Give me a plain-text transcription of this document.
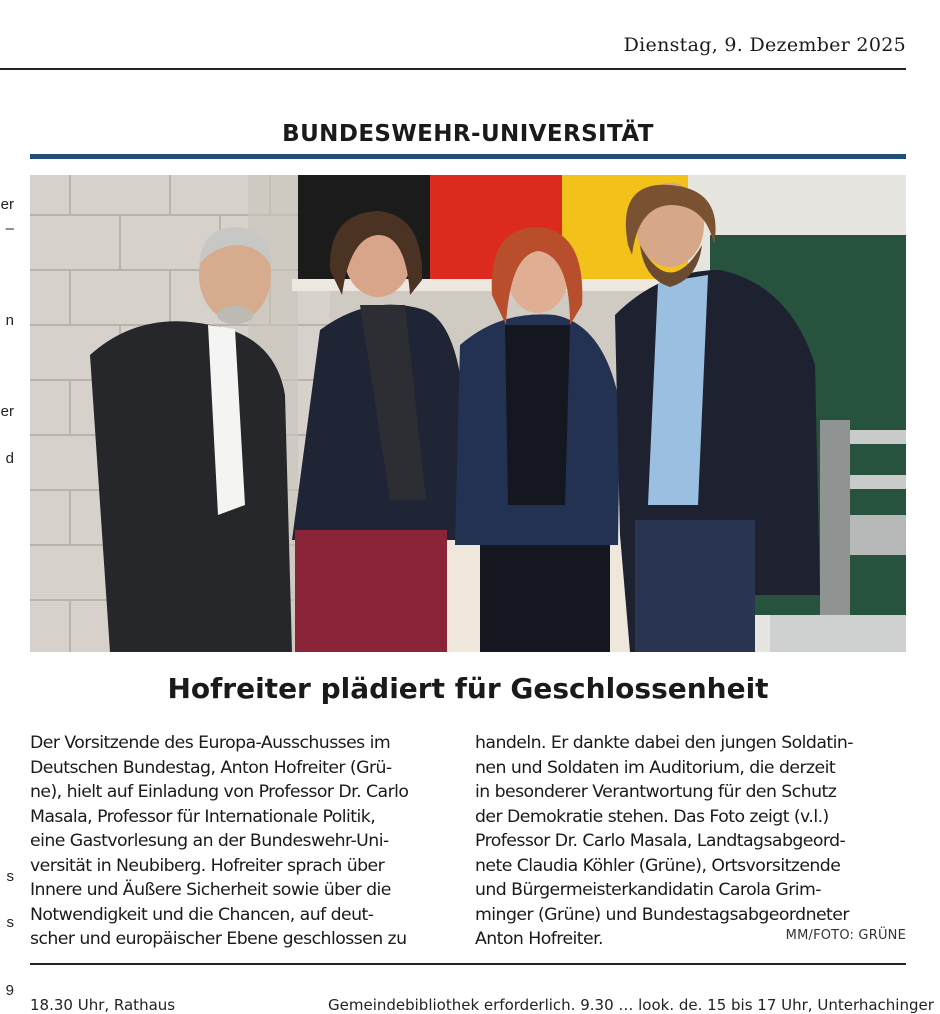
Dienstag, 9. Dezember 2025
BUNDESWEHR-UNIVERSITÄT
er
–
n
er
d
s
s
9
Hofreiter plädiert für Geschlossenheit
Der Vorsitzende des Europa-Ausschusses im
Deutschen Bundestag, Anton Hofreiter (Grü-
ne), hielt auf Einladung von Professor Dr. Carlo
Masala, Professor für Internationale Politik,
eine Gastvorlesung an der Bundeswehr-Uni-
versität in Neubiberg. Hofreiter sprach über
Innere und Äußere Sicherheit sowie über die
Notwendigkeit und die Chancen, auf deut-
scher und europäischer Ebene geschlossen zu
handeln. Er dankte dabei den jungen Soldatin-
nen und Soldaten im Auditorium, die derzeit
in besonderer Verantwortung für den Schutz
der Demokratie stehen. Das Foto zeigt (v.l.)
Professor Dr. Carlo Masala, Landtagsabgeord-
nete Claudia Köhler (Grüne), Ortsvorsitzende
und Bürgermeisterkandidatin Carola Grim-
minger (Grüne) und Bundestagsabgeordneter
Anton Hofreiter.	MM/FOTO: GRÜNE
18.30 Uhr, Rathaus	Gemeindebibliothek erforderlich. 9.30 … look. de. 15 bis 17 Uhr, Unterhachinger
